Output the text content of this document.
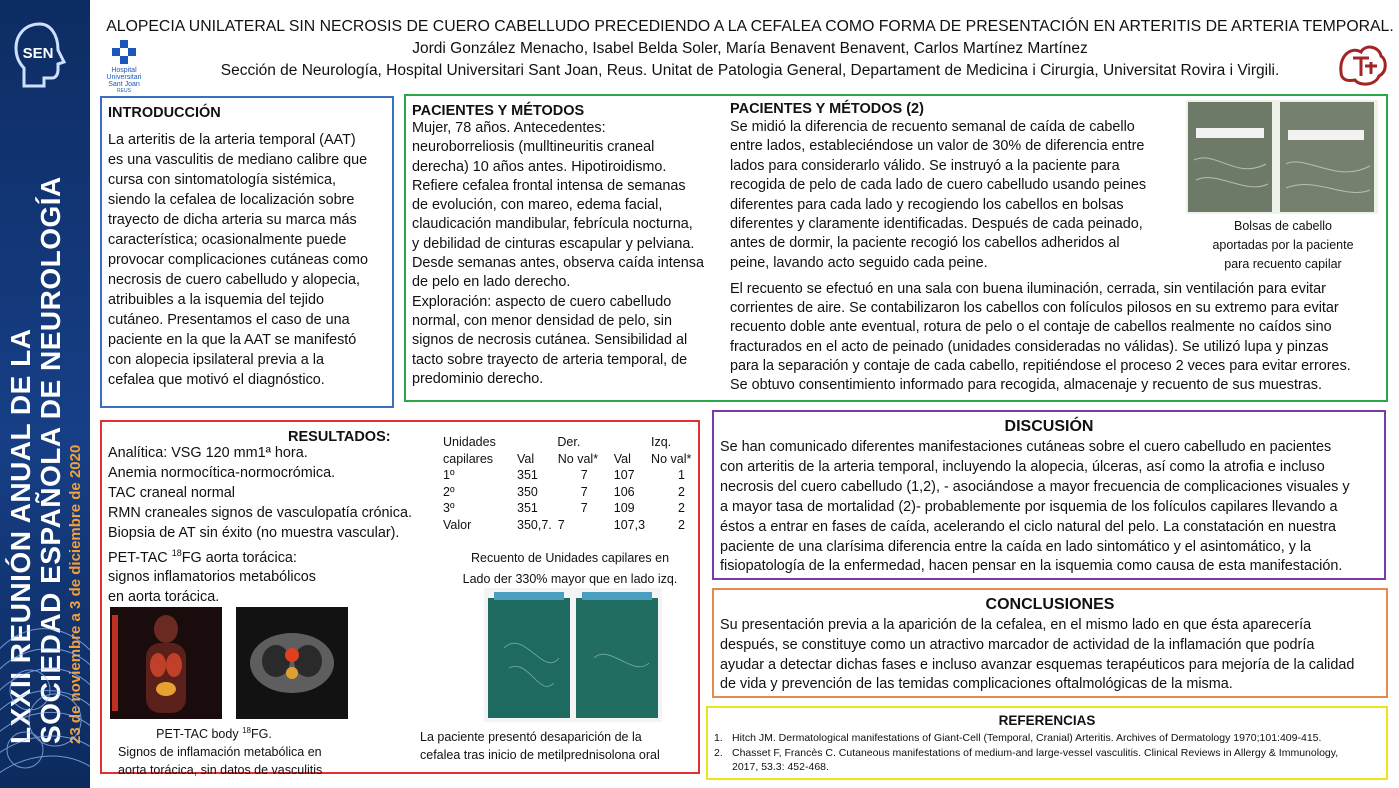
SEN
LXXII REUNIÓN ANUAL DE LA SOCIEDAD ESPAÑOLA DE NEUROLOGÍA 23 de noviembre a 3 de diciembre de 2020
Hospital
Universitari
Sant Joan
REUS
ALOPECIA UNILATERAL SIN NECROSIS DE CUERO CABELLUDO PRECEDIENDO A LA CEFALEA COMO FORMA DE PRESENTACIÓN EN ARTERITIS DE ARTERIA TEMPORAL.
Jordi González Menacho, Isabel Belda Soler, María Benavent Benavent, Carlos Martínez Martínez
Sección de Neurología, Hospital Universitari Sant Joan, Reus. Unitat de Patologia General, Departament de Medicina i Cirurgia, Universitat Rovira i Virgili.
INTRODUCCIÓN
La arteritis de la arteria temporal (AAT)
es una vasculitis de mediano calibre que
cursa con sintomatología sistémica,
siendo la cefalea de localización sobre
trayecto de dicha arteria su marca más
característica; ocasionalmente puede
provocar complicaciones cutáneas como
necrosis de cuero cabelludo y alopecia,
atribuibles a la isquemia del tejido
cutáneo. Presentamos el caso de una
paciente en la que la AAT se manifestó
con alopecia ipsilateral previa a la
cefalea que motivó el diagnóstico.
PACIENTES Y MÉTODOS
Mujer, 78 años. Antecedentes:
neuroborreliosis (mulltineuritis craneal
derecha) 10 años antes. Hipotiroidismo.
Refiere cefalea frontal intensa de semanas
de evolución, con mareo, edema facial,
claudicación mandibular, febrícula nocturna,
y debilidad de cinturas escapular y pelviana.
Desde semanas antes, observa caída intensa
de pelo en lado derecho.
Exploración: aspecto de cuero cabelludo
normal, con menor densidad de pelo, sin
signos de necrosis cutánea. Sensibilidad al
tacto sobre trayecto de arteria temporal, de
predominio derecho.
PACIENTES Y MÉTODOS (2)
Se midió la diferencia de recuento semanal de caída de cabello
entre lados, estableciéndose un valor de 30% de diferencia entre
lados para considerarlo válido. Se instruyó a la paciente para
recogida de pelo de cada lado de cuero cabelludo usando peines
diferentes para cada lado y recogiendo los cabellos en bolsas
diferentes y claramente identificadas. Después de cada peinado,
antes de dormir, la paciente recogió los cabellos adheridos al
peine, lavando acto seguido cada peine.
Bolsas de cabello
aportadas por la paciente
para recuento capilar
El recuento se efectuó en una sala con buena iluminación, cerrada, sin ventilación para evitar
corrientes de aire. Se contabilizaron los cabellos con folículos pilosos en su extremo para evitar
recuento doble ante eventual, rotura de pelo o el contaje de cabellos realmente no caídos sino
fracturados en el acto de peinado (unidades consideradas no válidas). Se utilizó lupa y pinzas
para la separación y contaje de cada cabello, repitiéndose el proceso 2 veces para evitar errores.
Se obtuvo consentimiento informado para recogida, almacenaje y recuento de sus muestras.
RESULTADOS:
Analítica: VSG 120 mm1ª hora.
Anemia normocítica-normocrómica.
TAC craneal normal
RMN craneales signos de vasculopatía crónica.
Biopsia de AT sin éxito (no muestra vascular).
PET-TAC $^{18}$FG aorta torácica:
signos inflamatorios metabólicos
en aorta torácica.
Unidades	Der.		Izq.	
capilares	Val	No val*	Val	No val*
1º	351	7	107	1
2º	350	7	106	2
3º	351	7	109	2
Valor	350,7.	7	107,3	2
Recuento de Unidades capilares en
Lado der 330% mayor que en lado izq.
PET-TAC body $^{18}$FG.
Signos de inflamación metabólica en
aorta torácica, sin datos de vasculitis
La paciente presentó desaparición de la
cefalea tras inicio de metilprednisolona oral
DISCUSIÓN
Se han comunicado diferentes manifestaciones cutáneas sobre el cuero cabelludo en pacientes
con arteritis de la arteria temporal, incluyendo la alopecia, úlceras, así como la atrofia e incluso
necrosis del cuero cabelludo (1,2), - asociándose a mayor frecuencia de complicaciones visuales y
a mayor tasa de mortalidad (2)- probablemente por isquemia de los folículos capilares llevando a
éstos a entrar en fases de caída, acelerando el ciclo natural del pelo. La constatación en nuestra
paciente de una clarísima diferencia entre la caída en lado sintomático y el asintomático, y la
fisiopatología de la enfermedad, hacen pensar en la isquemia como causa de esta manifestación.
CONCLUSIONES
Su presentación previa a la aparición de la cefalea, en el mismo lado en que ésta aparecería
después, se constituye como un atractivo marcador de actividad de la inflamación que podría
ayudar a detectar dichas fases e incluso avanzar esquemas terapéuticos para mejoría de la calidad
de vida y prevención de las temidas complicaciones oftalmológicas de la misma.
REFERENCIAS
1. Hitch JM. Dermatological manifestations of Giant-Cell (Temporal, Cranial) Arteritis. Archives of Dermatology 1970;101:409-415.
2. Chasset F, Francès C. Cutaneous manifestations of medium-and large-vessel vasculitis. Clinical Reviews in Allergy & Immunology,
2017, 53.3: 452-468.
